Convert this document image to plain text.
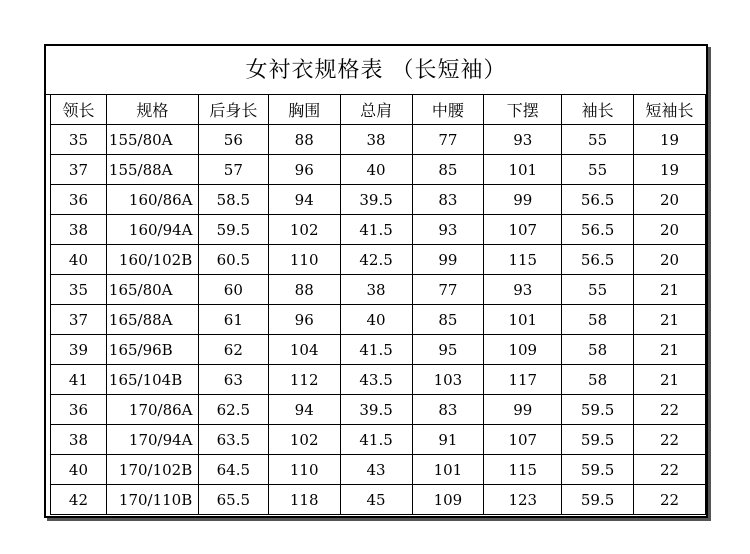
女衬衣规格表 （长短袖）
领长	规格	后身长	胸围	总肩	中腰	下摆	袖长	短袖长
35	155/80A	56	88	38	77	93	55	19
37	155/88A	57	96	40	85	101	55	19
36	160/86A	58.5	94	39.5	83	99	56.5	20
38	160/94A	59.5	102	41.5	93	107	56.5	20
40	160/102B	60.5	110	42.5	99	115	56.5	20
35	165/80A	60	88	38	77	93	55	21
37	165/88A	61	96	40	85	101	58	21
39	165/96B	62	104	41.5	95	109	58	21
41	165/104B	63	112	43.5	103	117	58	21
36	170/86A	62.5	94	39.5	83	99	59.5	22
38	170/94A	63.5	102	41.5	91	107	59.5	22
40	170/102B	64.5	110	43	101	115	59.5	22
42	170/110B	65.5	118	45	109	123	59.5	22
